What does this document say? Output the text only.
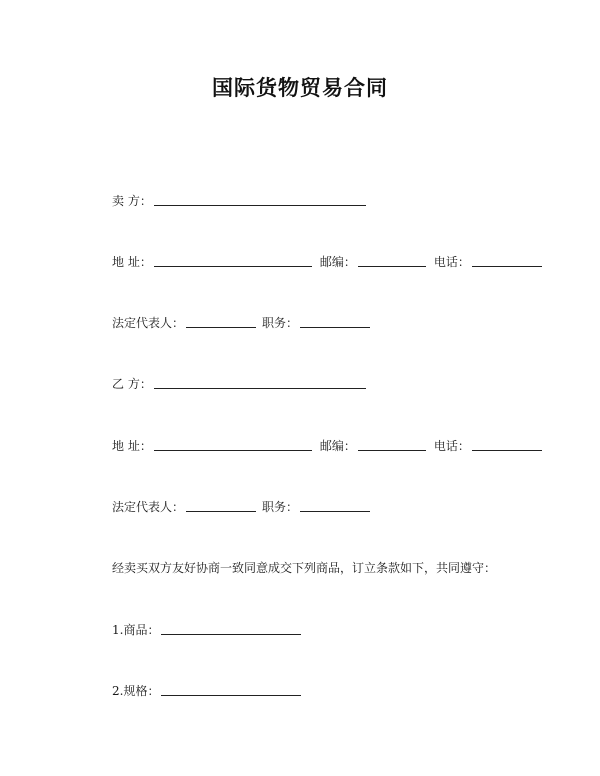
国际货物贸易合同
卖 方：
地 址：	邮编：	电话：
法定代表人：	职务：
乙 方：
地 址：	邮编：	电话：
法定代表人：	职务：
经卖买双方友好协商一致同意成交下列商品，订立条款如下，共同遵守：
1.商品：
2.规格：
